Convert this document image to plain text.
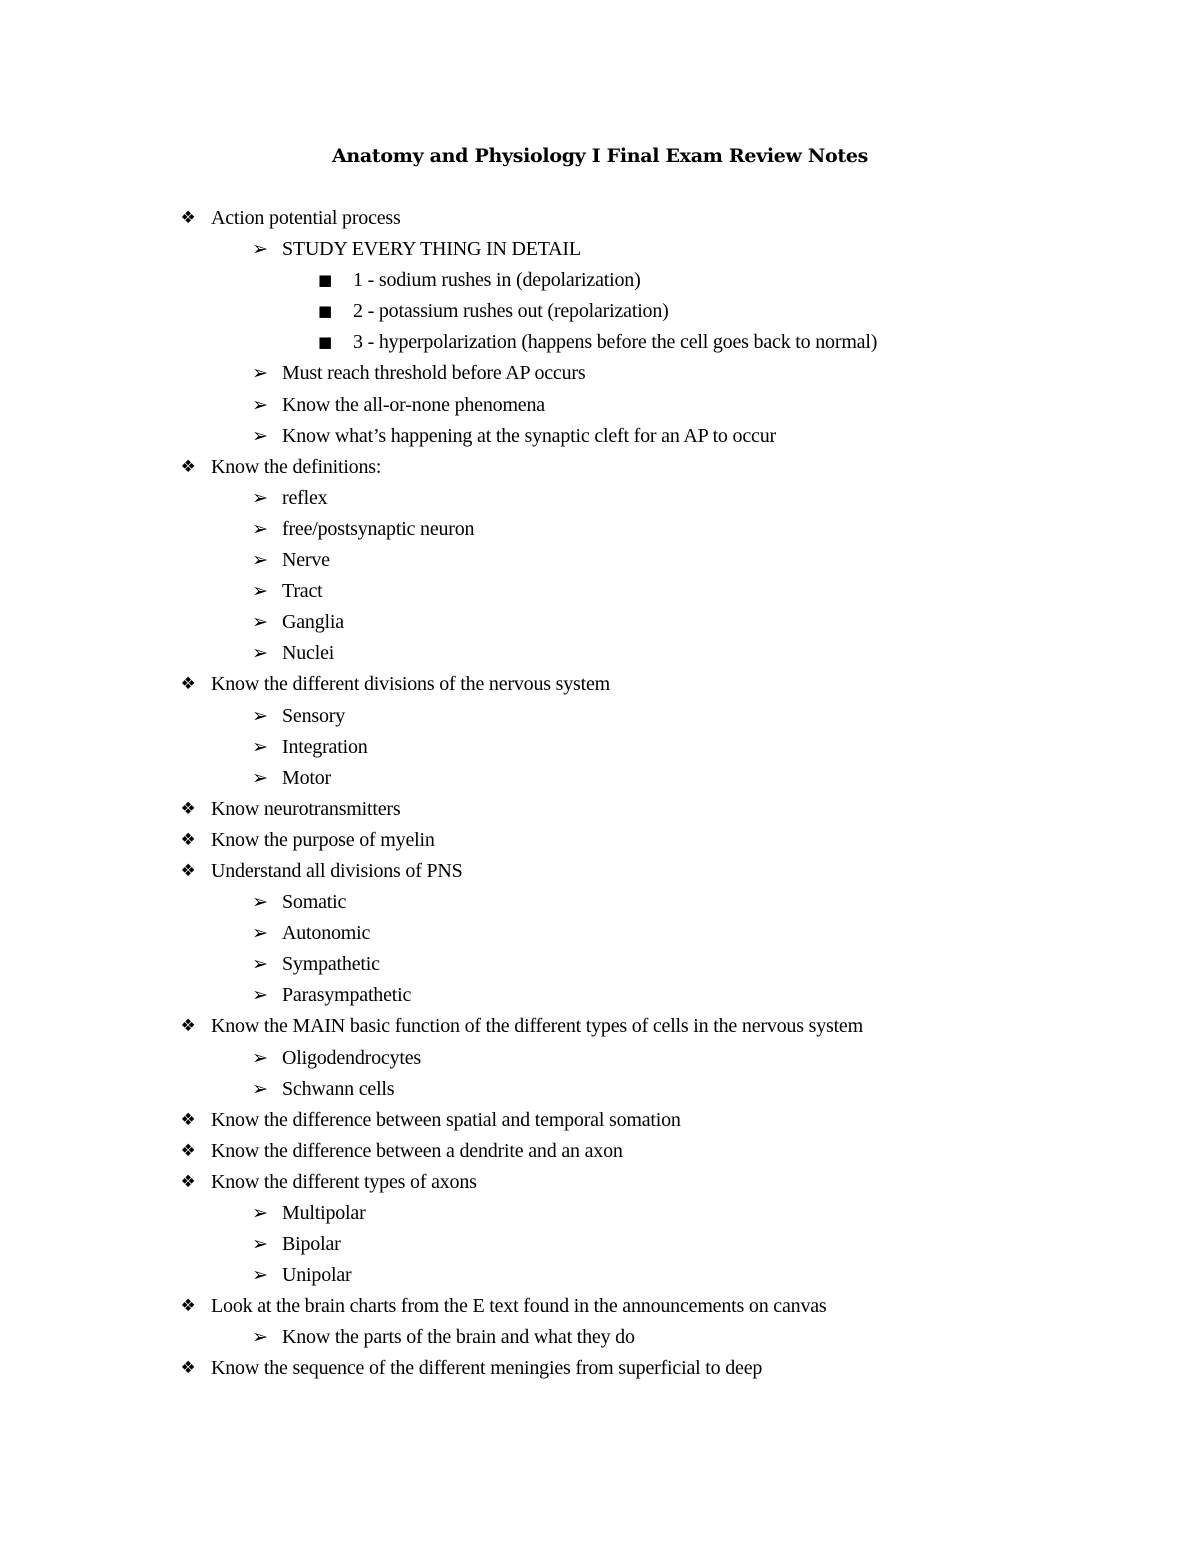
Anatomy and Physiology I Final Exam Review Notes
❖ Action potential process
➢ STUDY EVERY THING IN DETAIL
■ 1 - sodium rushes in (depolarization)
■ 2 - potassium rushes out (repolarization)
■ 3 - hyperpolarization (happens before the cell goes back to normal)
➢ Must reach threshold before AP occurs
➢ Know the all-or-none phenomena
➢ Know what’s happening at the synaptic cleft for an AP to occur
❖ Know the definitions:
➢ reflex
➢ free/postsynaptic neuron
➢ Nerve
➢ Tract
➢ Ganglia
➢ Nuclei
❖ Know the different divisions of the nervous system
➢ Sensory
➢ Integration
➢ Motor
❖ Know neurotransmitters
❖ Know the purpose of myelin
❖ Understand all divisions of PNS
➢ Somatic
➢ Autonomic
➢ Sympathetic
➢ Parasympathetic
❖ Know the MAIN basic function of the different types of cells in the nervous system
➢ Oligodendrocytes
➢ Schwann cells
❖ Know the difference between spatial and temporal somation
❖ Know the difference between a dendrite and an axon
❖ Know the different types of axons
➢ Multipolar
➢ Bipolar
➢ Unipolar
❖ Look at the brain charts from the E text found in the announcements on canvas
➢ Know the parts of the brain and what they do
❖ Know the sequence of the different meningies from superficial to deep
